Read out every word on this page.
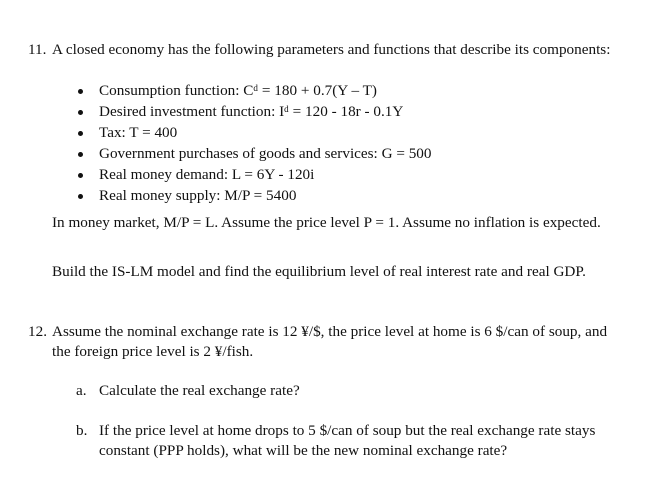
11. A closed economy has the following parameters and functions that describe its components:
Consumption function: Cᵈ = 180 + 0.7(Y – T)
Desired investment function: Iᵈ = 120 - 18r - 0.1Y
Tax: T = 400
Government purchases of goods and services: G = 500
Real money demand: L = 6Y - 120i
Real money supply: M/P = 5400
In money market, M/P = L. Assume the price level P = 1. Assume no inflation is expected.
Build the IS-LM model and find the equilibrium level of real interest rate and real GDP.
12. Assume the nominal exchange rate is 12 ¥/$, the price level at home is 6 $/can of soup, and the foreign price level is 2 ¥/fish.
a. Calculate the real exchange rate?
b. If the price level at home drops to 5 $/can of soup but the real exchange rate stays constant (PPP holds), what will be the new nominal exchange rate?
